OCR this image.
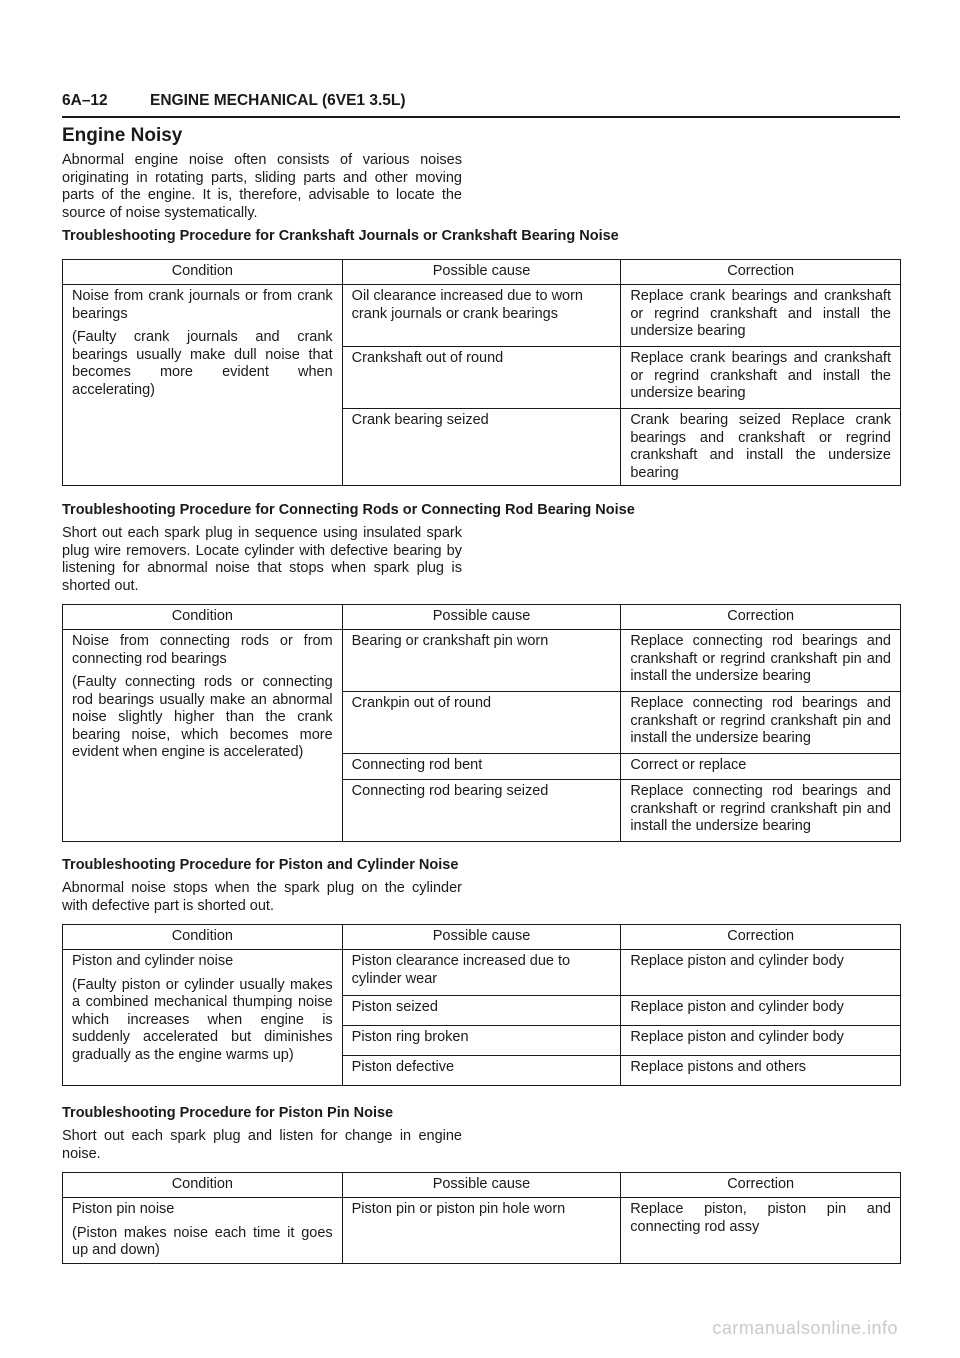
6A–12	ENGINE MECHANICAL (6VE1 3.5L)
Engine Noisy
Abnormal engine noise often consists of various noises originating in rotating parts, sliding parts and other moving parts of the engine. It is, therefore, advisable to locate the source of noise systematically.
Troubleshooting Procedure for Crankshaft Journals or Crankshaft Bearing Noise
Condition	Possible cause	Correction

Noise from crank journals or from crank bearings

(Faulty crank journals and crank bearings usually make dull noise that becomes more evident when accelerating)	Oil clearance increased due to worn crank journals or crank bearings	Replace crank bearings and crankshaft or regrind crankshaft and install the undersize bearing
	Crankshaft out of round	Replace crank bearings and crankshaft or regrind crankshaft and install the undersize bearing
	Crank bearing seized	Crank bearing seized Replace crank bearings and crankshaft or regrind crankshaft and install the undersize bearing
Troubleshooting Procedure for Connecting Rods or Connecting Rod Bearing Noise
Short out each spark plug in sequence using insulated spark plug wire removers. Locate cylinder with defective bearing by listening for abnormal noise that stops when spark plug is shorted out.
Condition	Possible cause	Correction

Noise from connecting rods or from connecting rod bearings

(Faulty connecting rods or connecting rod bearings usually make an abnormal noise slightly higher than the crank bearing noise, which becomes more evident when engine is accelerated)	Bearing or crankshaft pin worn	Replace connecting rod bearings and crankshaft or regrind crankshaft pin and install the undersize bearing
	Crankpin out of round	Replace connecting rod bearings and crankshaft or regrind crankshaft pin and install the undersize bearing
	Connecting rod bent	Correct or replace
	Connecting rod bearing seized	Replace connecting rod bearings and crankshaft or regrind crankshaft pin and install the undersize bearing
Troubleshooting Procedure for Piston and Cylinder Noise
Abnormal noise stops when the spark plug on the cylinder with defective part is shorted out.
Condition	Possible cause	Correction

Piston and cylinder noise

(Faulty piston or cylinder usually makes a combined mechanical thumping noise which increases when engine is suddenly accelerated but diminishes gradually as the engine warms up)	Piston clearance increased due to cylinder wear	Replace piston and cylinder body
	Piston seized	Replace piston and cylinder body
	Piston ring broken	Replace piston and cylinder body
	Piston defective	Replace pistons and others
Troubleshooting Procedure for Piston Pin Noise
Short out each spark plug and listen for change in engine noise.
Condition	Possible cause	Correction

Piston pin noise

(Piston makes noise each time it goes up and down)	Piston pin or piston pin hole worn	Replace piston, piston pin and connecting rod assy
carmanualsonline.info
